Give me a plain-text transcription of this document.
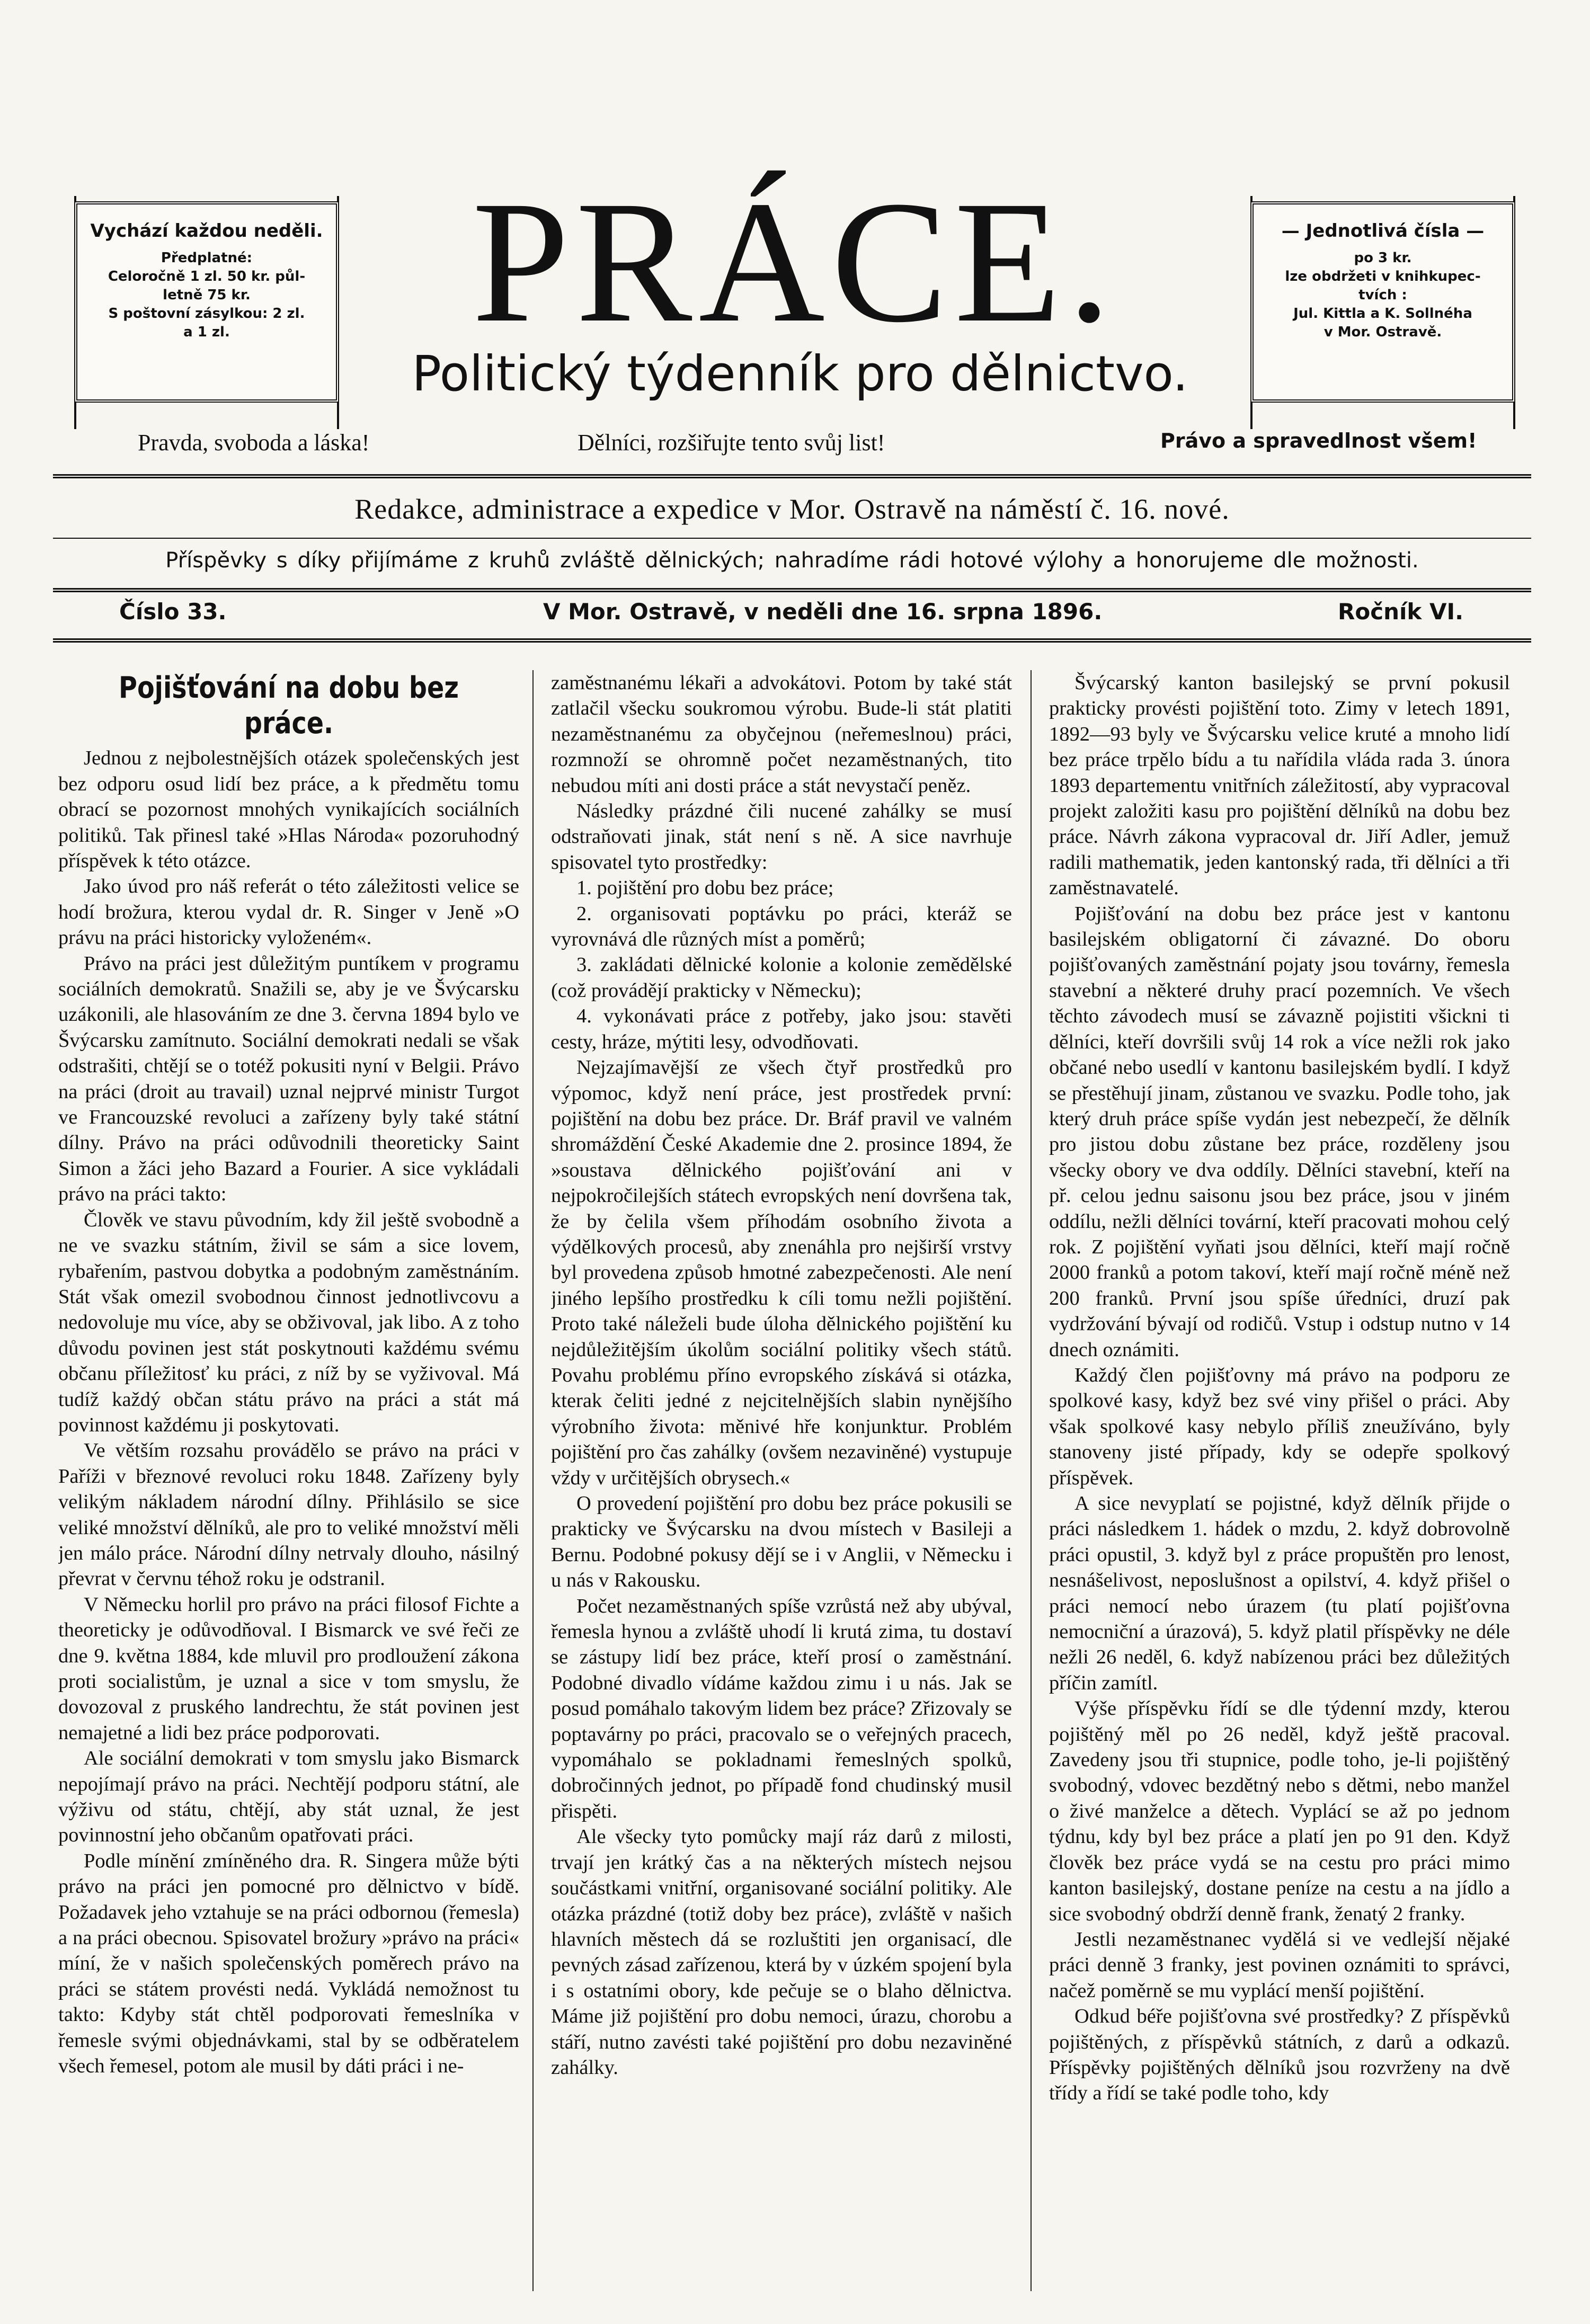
Vychází každou neděli.
Předplatné:
Celoročně 1 zl. 50 kr. půl-
letně 75 kr.
S poštovní zásylkou: 2 zl.
a 1 zl.	PRÁCE.
Politický týdenník pro dělnictvo.
— Jednotlivá čísla —
po 3 kr.
lze obdržeti v knihkupec-
tvích :
Jul. Kittla a K. Sollnéha
v Mor. Ostravě.
Pravda, svoboda a láska!	Dělníci, rozšiřujte tento svůj list!	Právo a spravedlnost všem!
Redakce, administrace a expedice v Mor. Ostravě na náměstí č. 16. nové.
Příspěvky s díky přijímáme z kruhů zvláště dělnických; nahradíme rádi hotové výlohy a honorujeme dle možnosti.
Číslo 33.	V Mor. Ostravě, v neděli dne 16. srpna 1896.	Ročník VI.
Pojišťování na dobu bez práce.

Jednou z nejbolestnějších otázek společenských jest bez odporu osud lidí bez práce, a k předmětu tomu obrací se pozornost mnohých vynikajících sociálních politiků. Tak přinesl také »Hlas Národa« pozoruhodný příspěvek k této otázce.

Jako úvod pro náš referát o této záležitosti velice se hodí brožura, kterou vydal dr. R. Singer v Jeně »O právu na práci historicky vyloženém«.

Právo na práci jest důležitým puntíkem v programu sociálních demokratů. Snažili se, aby je ve Švýcarsku uzákonili, ale hlasováním ze dne 3. června 1894 bylo ve Švýcarsku zamítnuto. Sociální demokrati nedali se však odstrašiti, chtějí se o totéž pokusiti nyní v Belgii. Právo na práci (droit au travail) uznal nejprvé ministr Turgot ve Francouzské revoluci a zařízeny byly také státní dílny. Právo na práci odůvodnili theoreticky Saint Simon a žáci jeho Bazard a Fourier. A sice vykládali právo na práci takto:

Člověk ve stavu původním, kdy žil ještě svobodně a ne ve svazku státním, živil se sám a sice lovem, rybařením, pastvou dobytka a podobným zaměstnáním. Stát však omezil svobodnou činnost jednotlivcovu a nedovoluje mu více, aby se obživoval, jak libo. A z toho důvodu povinen jest stát poskytnouti každému svému občanu příležitosť ku práci, z níž by se vyživoval. Má tudíž každý občan státu právo na práci a stát má povinnost každému ji poskytovati.

Ve větším rozsahu provádělo se právo na práci v Paříži v březnové revoluci roku 1848. Zařízeny byly velikým nákladem národní dílny. Přihlásilo se sice veliké množství dělníků, ale pro to veliké množství měli jen málo práce. Národní dílny netrvaly dlouho, násilný převrat v červnu téhož roku je odstranil.

V Německu horlil pro právo na práci filosof Fichte a theoreticky je odůvodňoval. I Bismarck ve své řeči ze dne 9. května 1884, kde mluvil pro prodloužení zákona proti socialistům, je uznal a sice v tom smyslu, že dovozoval z pruského landrechtu, že stát povinen jest nemajetné a lidi bez práce podporovati.

Ale sociální demokrati v tom smyslu jako Bismarck nepojímají právo na práci. Nechtějí podporu státní, ale výživu od státu, chtějí, aby stát uznal, že jest povinnostní jeho občanům opatřovati práci.

Podle mínění zmíněného dra. R. Singera může býti právo na práci jen pomocné pro dělnictvo v bídě. Požadavek jeho vztahuje se na práci odbornou (řemesla) a na práci obecnou. Spisovatel brožury »právo na práci« míní, že v našich společenských poměrech právo na práci se státem provésti nedá. Vykládá nemožnost tu takto: Kdyby stát chtěl podporovati řemeslníka v řemesle svými objednávkami, stal by se odběratelem všech řemesel, potom ale musil by dáti práci i ne-

zaměstnanému lékaři a advokátovi. Potom by také stát zatlačil všecku soukromou výrobu. Bude-li stát platiti nezaměstnanému za obyčejnou (neřemeslnou) práci, rozmnoží se ohromně počet nezaměstnaných, tito nebudou míti ani dosti práce a stát nevystačí peněz.

Následky prázdné čili nucené zahálky se musí odstraňovati jinak, stát není s ně. A sice navrhuje spisovatel tyto prostředky:

1. pojištění pro dobu bez práce;

2. organisovati poptávku po práci, kteráž se vyrovnává dle různých míst a poměrů;

3. zakládati dělnické kolonie a kolonie zemědělské (což provádějí prakticky v Německu);

4. vykonávati práce z potřeby, jako jsou: stavěti cesty, hráze, mýtiti lesy, odvodňovati.

Nejzajímavější ze všech čtyř prostředků pro výpomoc, když není práce, jest prostředek první: pojištění na dobu bez práce. Dr. Bráf pravil ve valném shromáždění České Akademie dne 2. prosince 1894, že »soustava dělnického pojišťování ani v nejpokročilejších státech evropských není dovršena tak, že by čelila všem příhodám osobního života a výdělkových procesů, aby znenáhla pro nejširší vrstvy byl provedena způsob hmotné zabezpečenosti. Ale není jiného lepšího prostředku k cíli tomu nežli pojištění. Proto také náleželi bude úloha dělnického pojištění ku nejdůležitějším úkolům sociální politiky všech států. Povahu problému příno evropského získává si otázka, kterak čeliti jedné z nejcitelnějších slabin nynějšího výrobního života: měnivé hře konjunktur. Problém pojištění pro čas zahálky (ovšem nezaviněné) vystupuje vždy v určitějších obrysech.«

O provedení pojištění pro dobu bez práce pokusili se prakticky ve Švýcarsku na dvou místech v Basileji a Bernu. Podobné pokusy dějí se i v Anglii, v Německu i u nás v Rakousku.

Počet nezaměstnaných spíše vzrůstá než aby ubýval, řemesla hynou a zvláště uhodí li krutá zima, tu dostaví se zástupy lidí bez práce, kteří prosí o zaměstnání. Podobné divadlo vídáme každou zimu i u nás. Jak se posud pomáhalo takovým lidem bez práce? Zřizovaly se poptavárny po práci, pracovalo se o veřejných pracech, vypomáhalo se pokladnami řemeslných spolků, dobročinných jednot, po případě fond chudinský musil přispěti.

Ale všecky tyto pomůcky mají ráz darů z milosti, trvají jen krátký čas a na některých místech nejsou součástkami vnitřní, organisované sociální politiky. Ale otázka prázdné (totiž doby bez práce), zvláště v našich hlavních městech dá se rozluštiti jen organisací, dle pevných zásad zařízenou, která by v úzkém spojení byla i s ostatními obory, kde pečuje se o blaho dělnictva. Máme již pojištění pro dobu nemoci, úrazu, chorobu a stáří, nutno zavésti také pojištění pro dobu nezaviněné zahálky.

Švýcarský kanton basilejský se první pokusil prakticky provésti pojištění toto. Zimy v letech 1891, 1892—93 byly ve Švýcarsku velice kruté a mnoho lidí bez práce trpělo bídu a tu nařídila vláda rada 3. února 1893 departementu vnitřních záležitostí, aby vypracoval projekt založiti kasu pro pojištění dělníků na dobu bez práce. Návrh zákona vypracoval dr. Jiří Adler, jemuž radili mathematik, jeden kantonský rada, tři dělníci a tři zaměstnavatelé.

Pojišťování na dobu bez práce jest v kantonu basilejském obligatorní či závazné. Do oboru pojišťovaných zaměstnání pojaty jsou továrny, řemesla stavební a některé druhy prací pozemních. Ve všech těchto závodech musí se závazně pojistiti všickni ti dělníci, kteří dovršili svůj 14 rok a více nežli rok jakо občané nebo usedlí v kantonu basilejském bydlí. I když se přestěhují jinam, zůstanou ve svazku. Podle toho, jak který druh práce spíše vydán jest nebezpečí, že dělník pro jistou dobu zůstane bez práce, rozděleny jsou všecky obory ve dva oddíly. Dělníci stavební, kteří na př. celou jednu saisonu jsou bez práce, jsou v jiném oddílu, nežli dělníci tovární, kteří pracovati mohou celý rok. Z pojištění vyňati jsou dělníci, kteří mají ročně 2000 franků a potom takoví, kteří mají ročně méně než 200 franků. První jsou spíše úředníci, druzí pak vydržování bývají od rodičů. Vstup i odstup nutno v 14 dnech oznámiti.

Každý člen pojišťovny má právo na podporu ze spolkové kasy, když bez své viny přišel o práci. Aby však spolkové kasy nebylo příliš zneužíváno, byly stanoveny jisté případy, kdy se odepře spolkový příspěvek.

A sice nevyplatí se pojistné, když dělník přijde o práci následkem 1. hádek o mzdu, 2. když dobrovolně práci opustil, 3. když byl z práce propuštěn pro lenost, nesnášelivost, neposlušnost a opilství, 4. když přišel o práci nemocí nebo úrazem (tu platí pojišťovna nemocniční a úrazová), 5. když platil příspěvky ne déle nežli 26 neděl, 6. když nabízenou práci bez důležitých příčin zamítl.

Výše příspěvku řídí se dle týdenní mzdy, kterou pojištěný měl po 26 neděl, když ještě pracoval. Zavedeny jsou tři stupnice, podle toho, je-li pojištěný svobodný, vdovec bezdětný nebo s dětmi, nebo manžel o živé manželce a dětech. Vyplácí se až po jednom týdnu, kdy byl bez práce a platí jen po 91 den. Když člověk bez práce vydá se na cestu pro práci mimo kanton basilejský, dostane peníze na cestu a na jídlo a sice svobodný obdrží denně frank, ženatý 2 franky.

Jestli nezaměstnanec vydělá si ve vedlejší nějaké práci denně 3 franky, jest povinen oznámiti to správci, načež poměrně se mu vyplácí menší pojištění.

Odkud béře pojišťovna své prostředky? Z příspěvků pojištěných, z příspěvků státních, z darů a odkazů. Příspěvky pojištěných dělníků jsou rozvrženy na dvě třídy a řídí se také podle toho, kdy
